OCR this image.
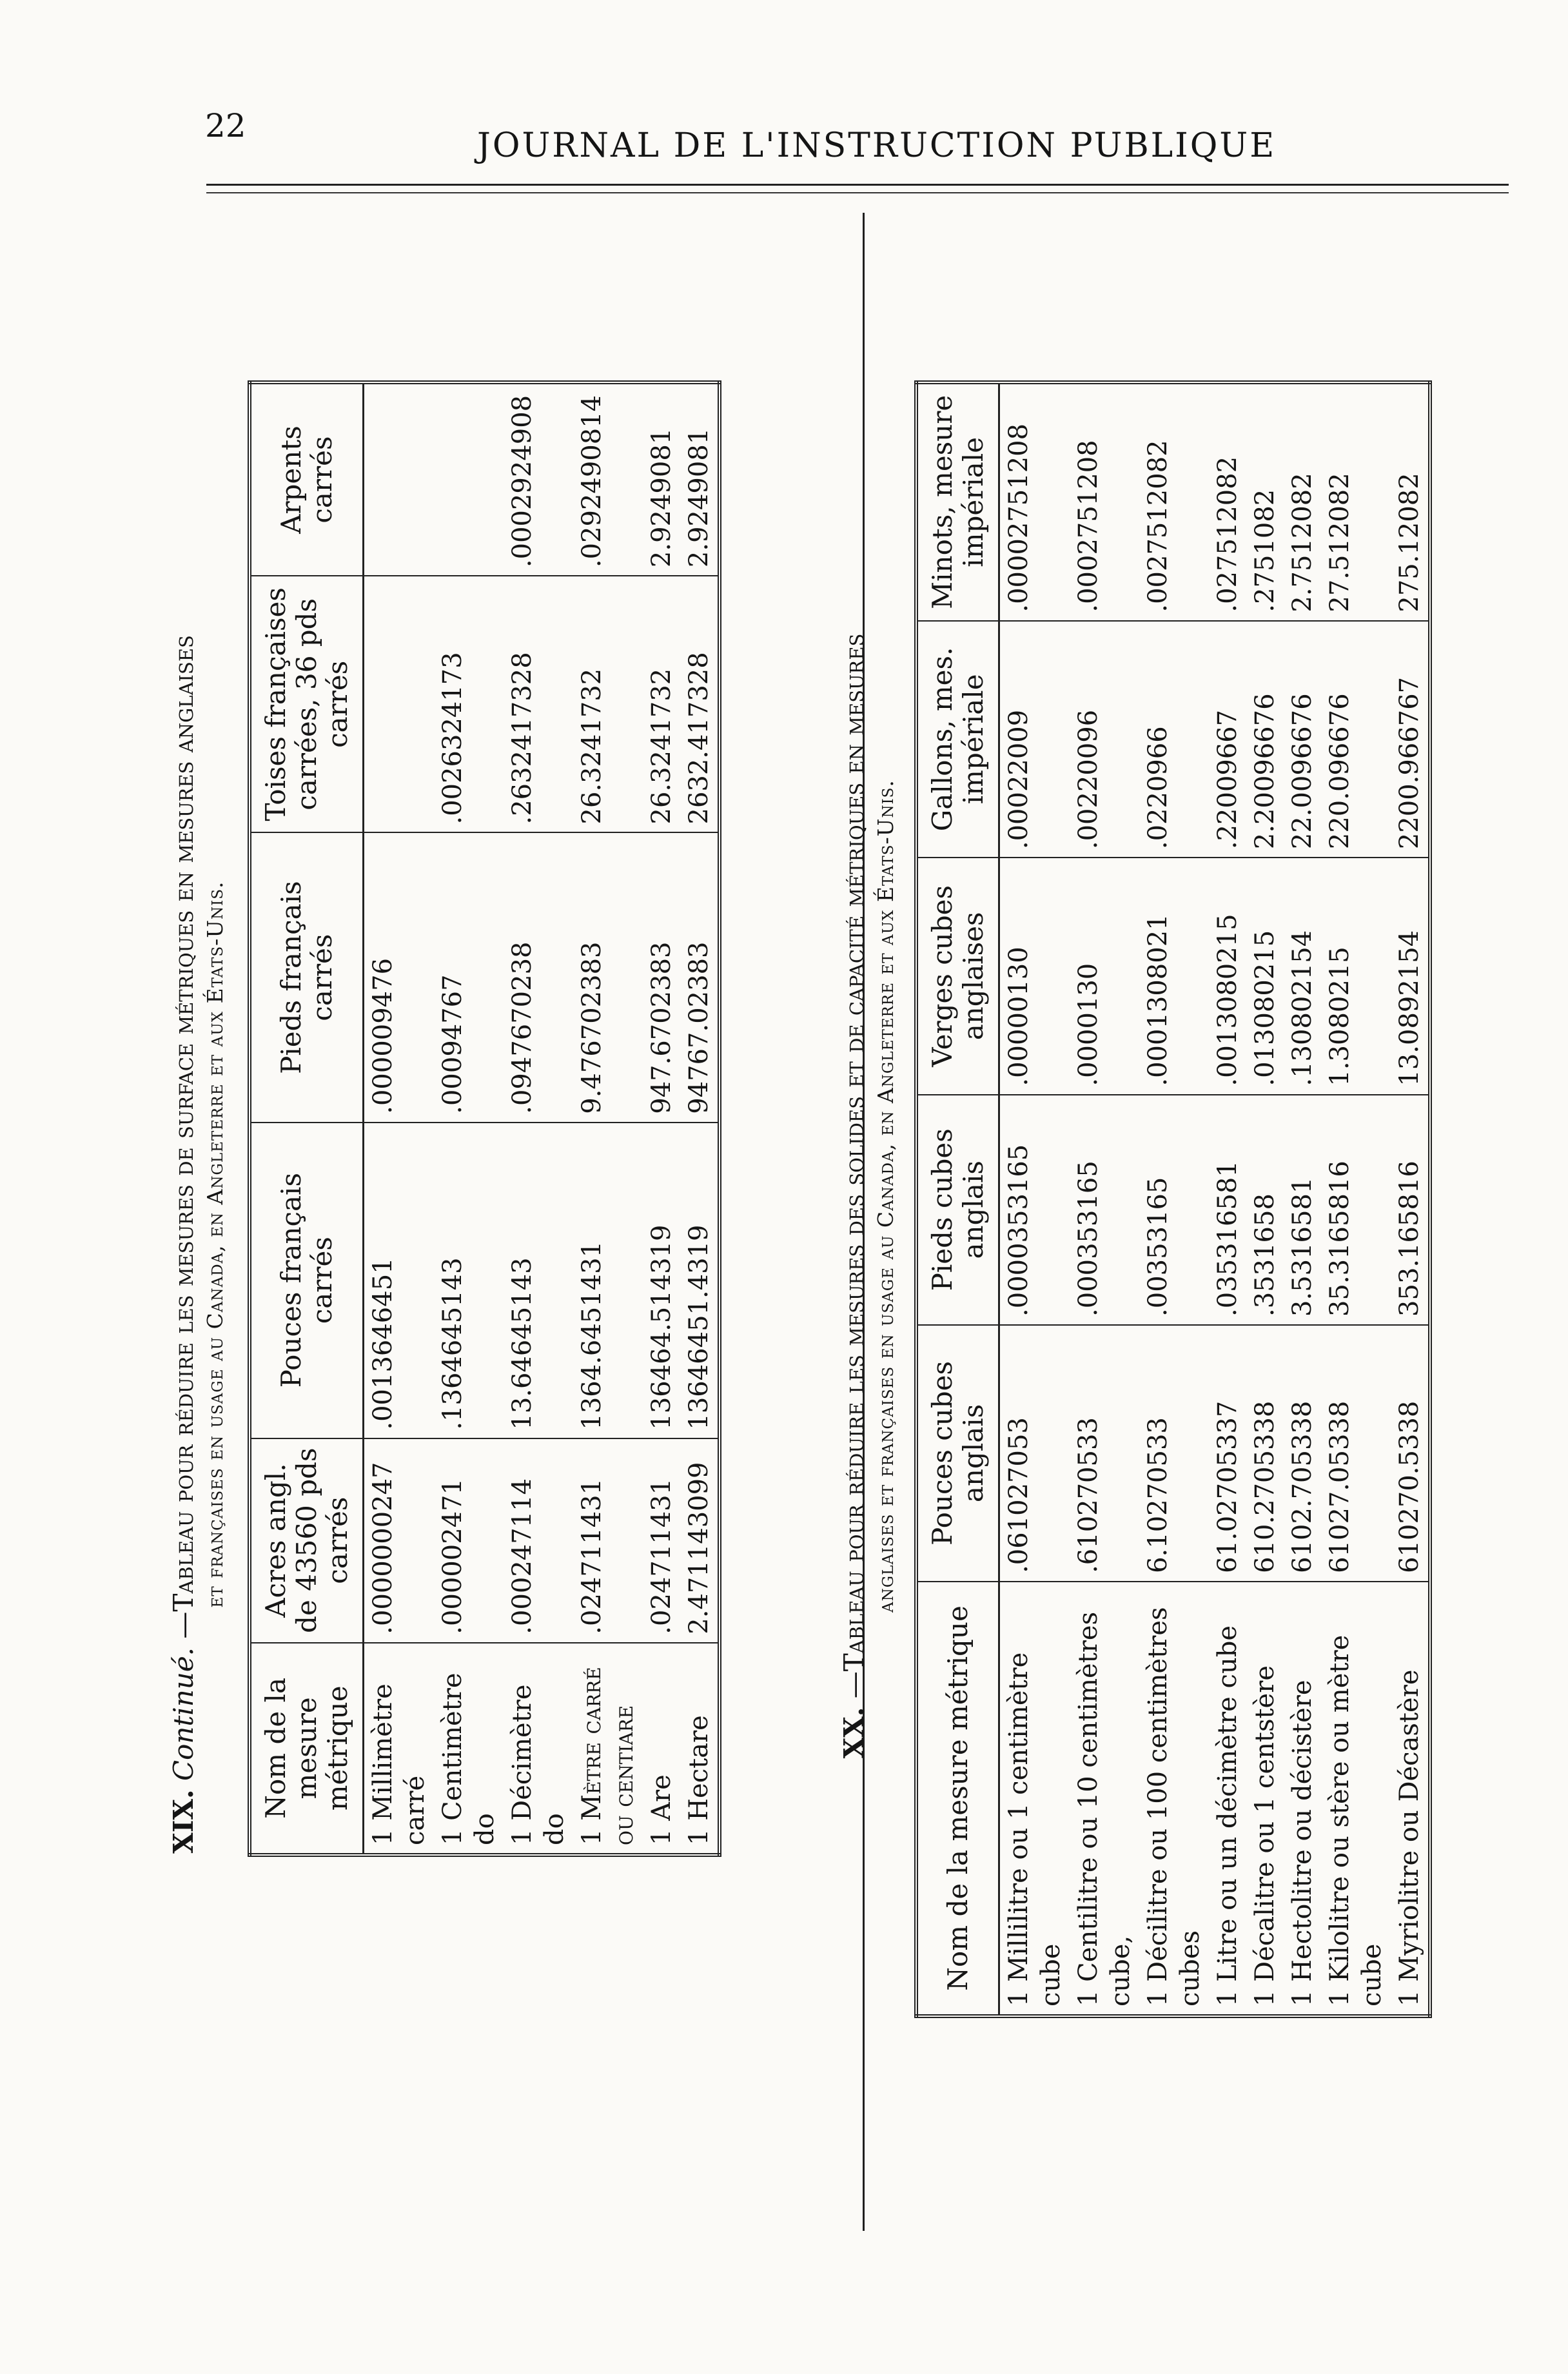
22
JOURNAL DE L'INSTRUCTION PUBLIQUE
XIX. Continué. —Tableau pour réduire les mesures de surface métriques en mesures anglaises et françaises en usage au Canada, en Angleterre et aux États-Unis.
Nom de la mesure métrique	Acres angl. de 43560 pds carrés	Pouces français carrés	Pieds français carrés	Toises françaises carrées, 36 pds carrés	Arpents carrés
1 Millimètre carré	.0000000247	.0013646451	.000009476		
1 Centimètre do	.000002471	.1364645143	.00094767	.0026324173	
1 Décimètre do	.000247114	13.64645143	.0947670238	.2632417328	.0002924908
1 Mètre carré ou centiare	.024711431	1364.6451431	9.476702383	26.3241732	.0292490814
1 Are	.024711431	136464.514319	947.6702383	26.3241732	2.9249081
1 Hectare	2.471143099	13646451.4319	94767.02383	2632.417328	2.9249081
XX. —Tableau pour réduire les mesures des solides et de capacité métriques en mesures anglaises et françaises en usage au Canada, en Angleterre et aux États-Unis.
Nom de la mesure métrique	Pouces cubes anglais	Pieds cubes anglais	Verges cubes anglaises	Gallons, mes. impériale	Minots, mesure impériale
1 Millilitre ou 1 centimètre cube	.061027053	.0000353165	.00000130	.00022009	.00002751208
1 Centilitre ou 10 centimètres cube,	.610270533	.000353165	.0000130	.00220096	.0002751208
1 Décilitre ou 100 centimètres cubes	6.10270533	.00353165	.0001308021	.0220966	.0027512082
1 Litre ou un décimètre cube	61.02705337	.035316581	.0013080215	.22009667	.027512082
1 Décalitre ou 1 centstère	610.2705338	.3531658	.013080215	2.20096676	.2751082
1 Hectolitre ou décistère	6102.705338	3.5316581	.130802154	22.0096676	2.7512082
1 Kilolitre ou stère ou mètre cube	61027.05338	35.3165816	1.3080215	220.096676	27.512082
1 Myriolitre ou Décastère	610270.5338	353.165816	13.0892154	2200.966767	275.12082
